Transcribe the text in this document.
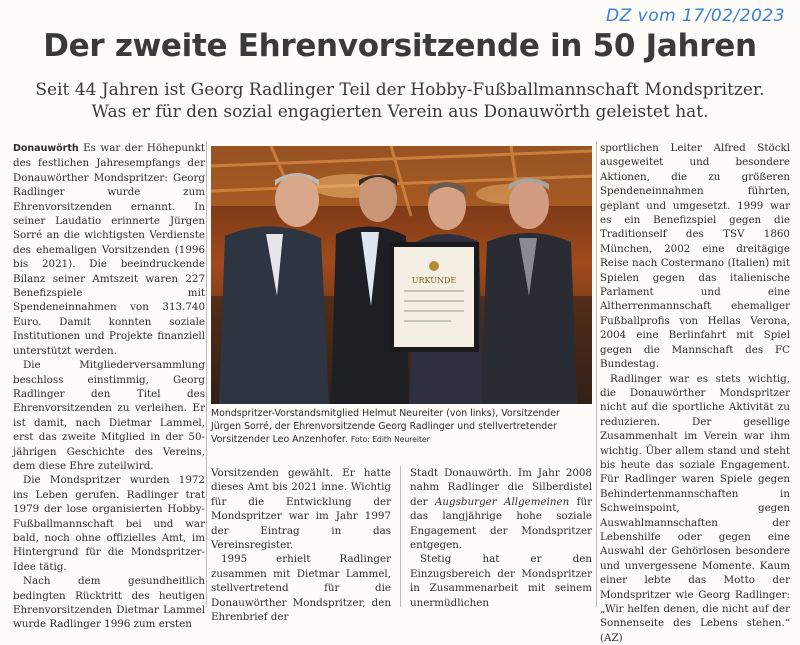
DZ vom 17/02/2023
Der zweite Ehrenvorsitzende in 50 Jahren
Seit 44 Jahren ist Georg Radlinger Teil der Hobby-Fußballmannschaft Mondspritzer.
Was er für den sozial engagierten Verein aus Donauwörth geleistet hat.

Donauwörth Es war der Höhepunkt des festlichen Jahresempfangs der Donauwörther Mondspritzer: Georg Radlinger wurde zum Ehrenvorsitzenden ernannt. In seiner Laudatio erinnerte Jürgen Sorré an die wichtigsten Verdienste des ehemaligen Vorsitzenden (1996 bis 2021). Die beeindruckende Bilanz seiner Amtszeit waren 227 Benefizspiele mit Spendeneinnahmen von 313.740 Euro. Damit konnten soziale Institutionen und Projekte finanziell unterstützt werden.

Die Mitgliederversammlung beschloss einstimmig, Georg Radlinger den Titel des Ehrenvorsitzenden zu verleihen. Er ist damit, nach Dietmar Lammel, erst das zweite Mitglied in der 50-jährigen Geschichte des Vereins, dem diese Ehre zuteilwird.

Die Mondspritzer wurden 1972 ins Leben gerufen. Radlinger trat 1979 der lose organisierten Hobby-Fußballmannschaft bei und war bald, noch ohne offizielles Amt, im Hintergrund für die Mondspritzer-Idee tätig.

Nach dem gesundheitlich bedingten Rücktritt des heutigen Ehrenvorsitzenden Dietmar Lammel wurde Radlinger 1996 zum ersten

URKUNDE
Mondspritzer-Vorstandsmitglied Helmut Neureiter (von links), Vorsitzender Jürgen Sorré, der Ehrenvorsitzende Georg Radlinger und stellvertretender Vorsitzender Leo Anzenhofer. Foto: Edith Neureiter

Vorsitzenden gewählt. Er hatte dieses Amt bis 2021 inne. Wichtig für die Entwicklung der Mondspritzer war im Jahr 1997 der Eintrag in das Vereinsregister.

1995 erhielt Radlinger zusammen mit Dietmar Lammel, stellvertretend für die Donauwörther Mondspritzer, den Ehrenbrief der

Stadt Donauwörth. Im Jahr 2008 nahm Radlinger die Silberdistel der Augsburger Allgemeinen für das langjährige hohe soziale Engagement der Mondspritzer entgegen.

Stetig hat er den Einzugsbereich der Mondspritzer in Zusammenarbeit mit seinem unermüdlichen

sportlichen Leiter Alfred Stöckl ausgeweitet und besondere Aktionen, die zu größeren Spendeneinnahmen führten, geplant und umgesetzt. 1999 war es ein Benefizspiel gegen die Traditionself des TSV 1860 München, 2002 eine dreitägige Reise nach Costermano (Italien) mit Spielen gegen das italienische Parlament und eine Altherrenmannschaft ehemaliger Fußballprofis von Hellas Verona, 2004 eine Berlinfahrt mit Spiel gegen die Mannschaft des FC Bundestag.

Radlinger war es stets wichtig, die Donauwörther Mondspritzer nicht auf die sportliche Aktivität zu reduzieren. Der gesellige Zusammenhalt im Verein war ihm wichtig. Über allem stand und steht bis heute das soziale Engagement. Für Radlinger waren Spiele gegen Behindertenmannschaften in Schweinspoint, gegen Auswahlmannschaften der Lebenshilfe oder gegen eine Auswahl der Gehörlosen besondere und unvergessene Momente. Kaum einer lebte das Motto der Mondspritzer wie Georg Radlinger: „Wir helfen denen, die nicht auf der Sonnenseite des Lebens stehen.“ (AZ)
